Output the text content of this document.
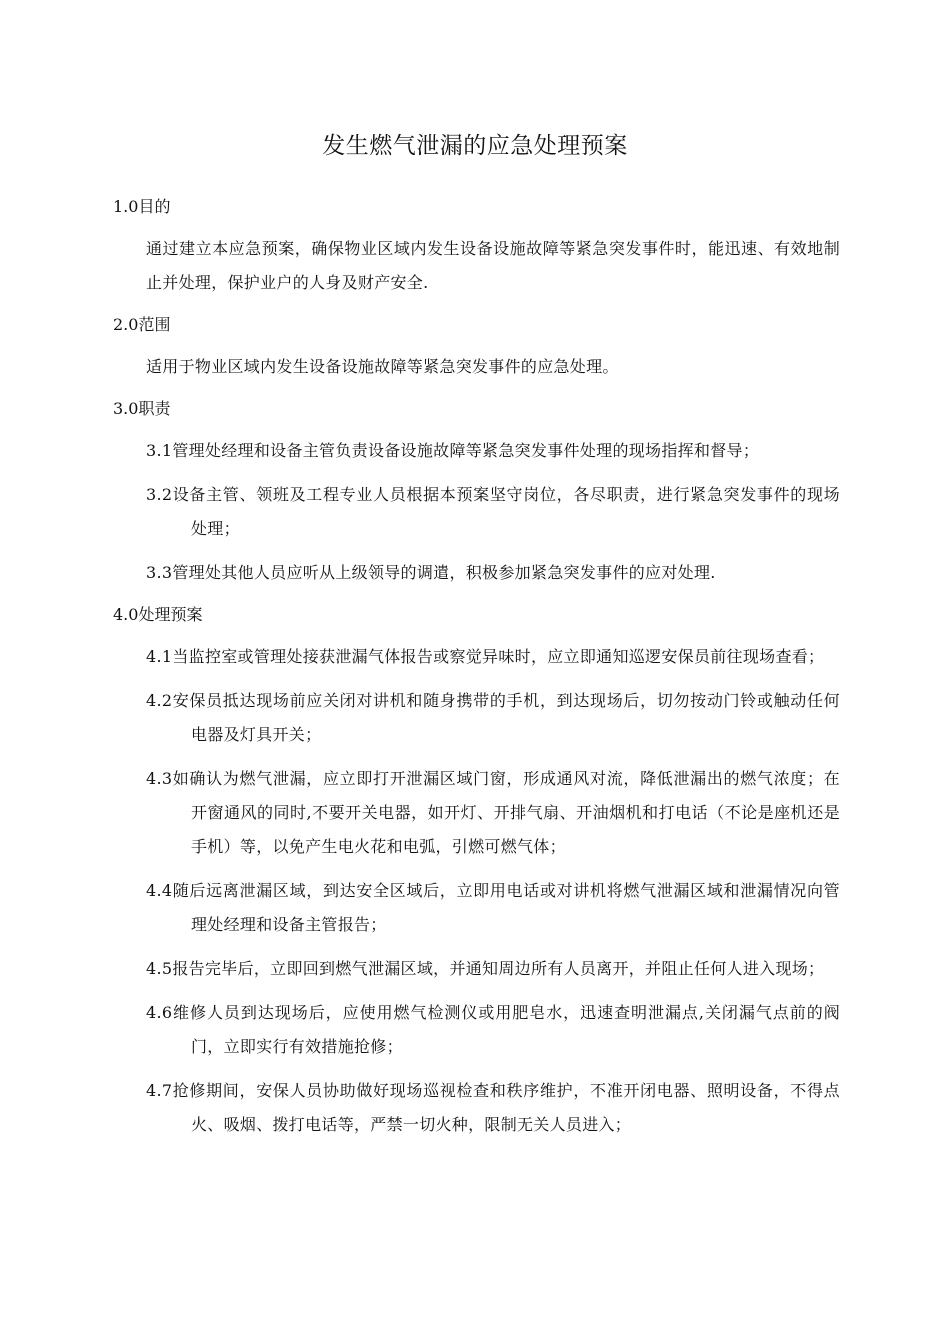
发生燃气泄漏的应急处理预案
1.0目的
通过建立本应急预案，确保物业区域内发生设备设施故障等紧急突发事件时，能迅速、有效地制止并处理，保护业户的人身及财产安全.
2.0范围
适用于物业区域内发生设备设施故障等紧急突发事件的应急处理。
3.0职责
3.1管理处经理和设备主管负责设备设施故障等紧急突发事件处理的现场指挥和督导；
3.2设备主管、领班及工程专业人员根据本预案坚守岗位，各尽职责，进行紧急突发事件的现场处理；
3.3管理处其他人员应听从上级领导的调遣，积极参加紧急突发事件的应对处理.
4.0处理预案
4.1当监控室或管理处接获泄漏气体报告或察觉异味时，应立即通知巡逻安保员前往现场查看；
4.2安保员抵达现场前应关闭对讲机和随身携带的手机，到达现场后，切勿按动门铃或触动任何电器及灯具开关；
4.3如确认为燃气泄漏，应立即打开泄漏区域门窗，形成通风对流，降低泄漏出的燃气浓度；在开窗通风的同时,不要开关电器，如开灯、开排气扇、开油烟机和打电话（不论是座机还是手机）等，以免产生电火花和电弧，引燃可燃气体；
4.4随后远离泄漏区域，到达安全区域后，立即用电话或对讲机将燃气泄漏区域和泄漏情况向管理处经理和设备主管报告；
4.5报告完毕后，立即回到燃气泄漏区域，并通知周边所有人员离开，并阻止任何人进入现场；
4.6维修人员到达现场后，应使用燃气检测仪或用肥皂水，迅速查明泄漏点,关闭漏气点前的阀门，立即实行有效措施抢修；
4.7抢修期间，安保人员协助做好现场巡视检查和秩序维护，不准开闭电器、照明设备，不得点火、吸烟、拨打电话等，严禁一切火种，限制无关人员进入；
